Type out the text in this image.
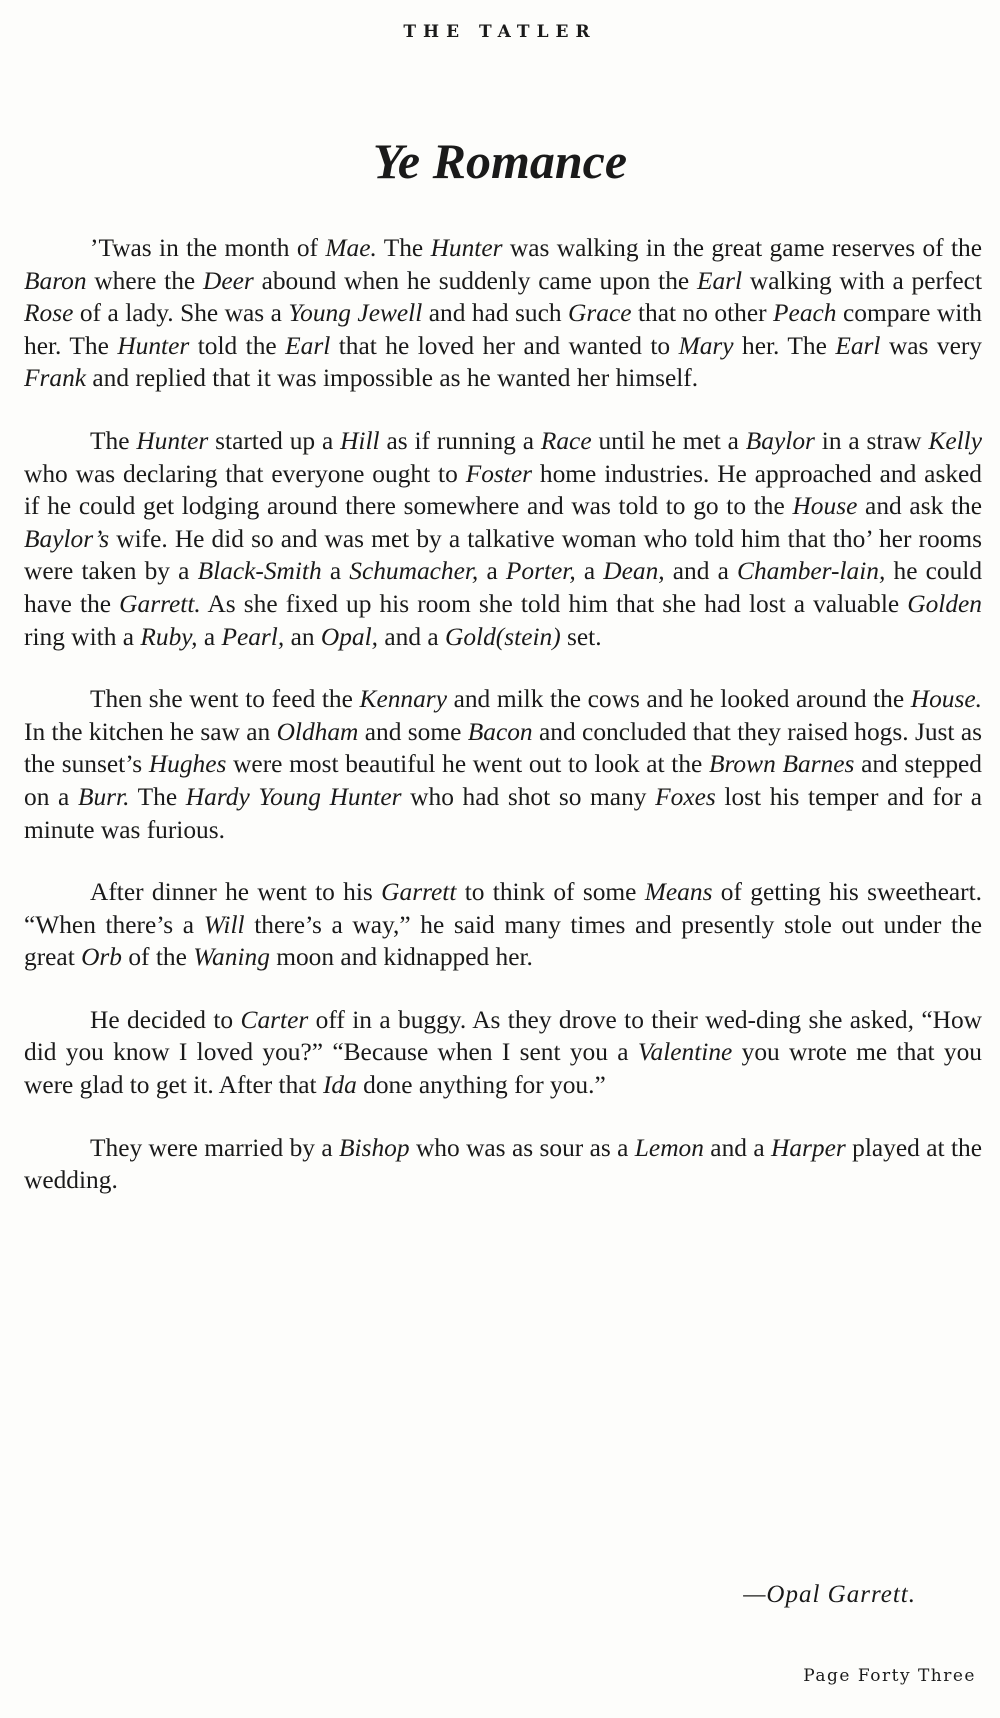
THE TATLER
Ye Romance

’Twas in the month of Mae. The Hunter was walking in the great game reserves of the Baron where the Deer abound when he suddenly came upon the Earl walking with a perfect Rose of a lady. She was a Young Jewell and had such Grace that no other Peach compare with her. The Hunter told the Earl that he loved her and wanted to Mary her. The Earl was very Frank and replied that it was impossible as he wanted her himself.

The Hunter started up a Hill as if running a Race until he met a Baylor in a straw Kelly who was declaring that everyone ought to Foster home industries. He approached and asked if he could get lodging around there somewhere and was told to go to the House and ask the Baylor’s wife. He did so and was met by a talkative woman who told him that tho’ her rooms were taken by a Black-Smith a Schumacher, a Porter, a Dean, and a Chamber-lain, he could have the Garrett. As she fixed up his room she told him that she had lost a valuable Golden ring with a Ruby, a Pearl, an Opal, and a Gold(stein) set.

Then she went to feed the Kennary and milk the cows and he looked around the House. In the kitchen he saw an Oldham and some Bacon and concluded that they raised hogs. Just as the sunset’s Hughes were most beautiful he went out to look at the Brown Barnes and stepped on a Burr. The Hardy Young Hunter who had shot so many Foxes lost his temper and for a minute was furious.

After dinner he went to his Garrett to think of some Means of getting his sweetheart. “When there’s a Will there’s a way,” he said many times and presently stole out under the great Orb of the Waning moon and kidnapped her.

He decided to Carter off in a buggy. As they drove to their wed-ding she asked, “How did you know I loved you?” “Because when I sent you a Valentine you wrote me that you were glad to get it. After that Ida done anything for you.”

They were married by a Bishop who was as sour as a Lemon and a Harper played at the wedding.

—Opal Garrett.
Page Forty Three
